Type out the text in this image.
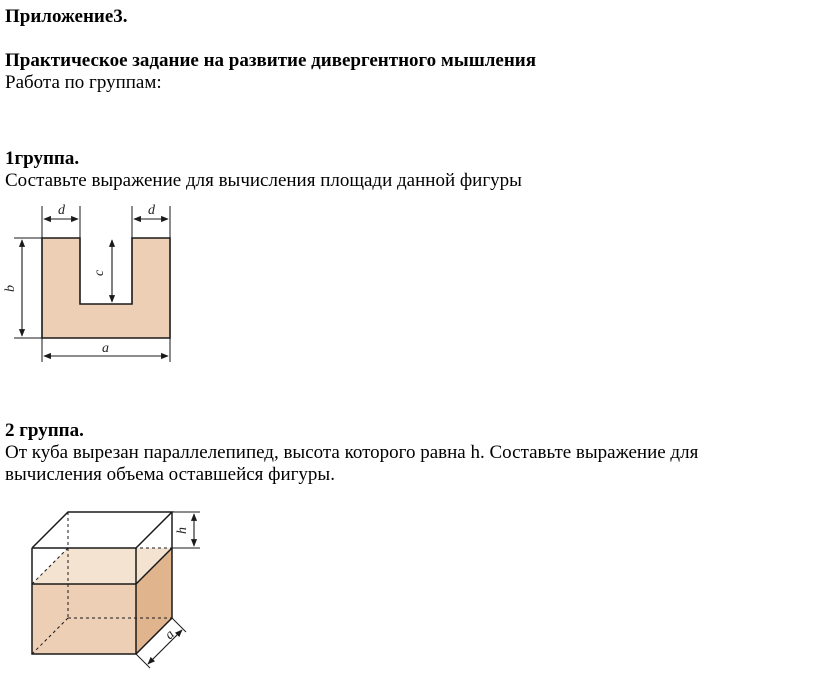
Приложение3.

Практическое задание на развитие дивергентного мышления

Работа по группам:

1группа.

Составьте выражение для вычисления площади данной фигуры

d	d
c
b
a

2 группа.

От куба вырезан параллелепипед, высота которого равна h. Составьте выражение для

вычисления объема оставшейся фигуры.

h
a
